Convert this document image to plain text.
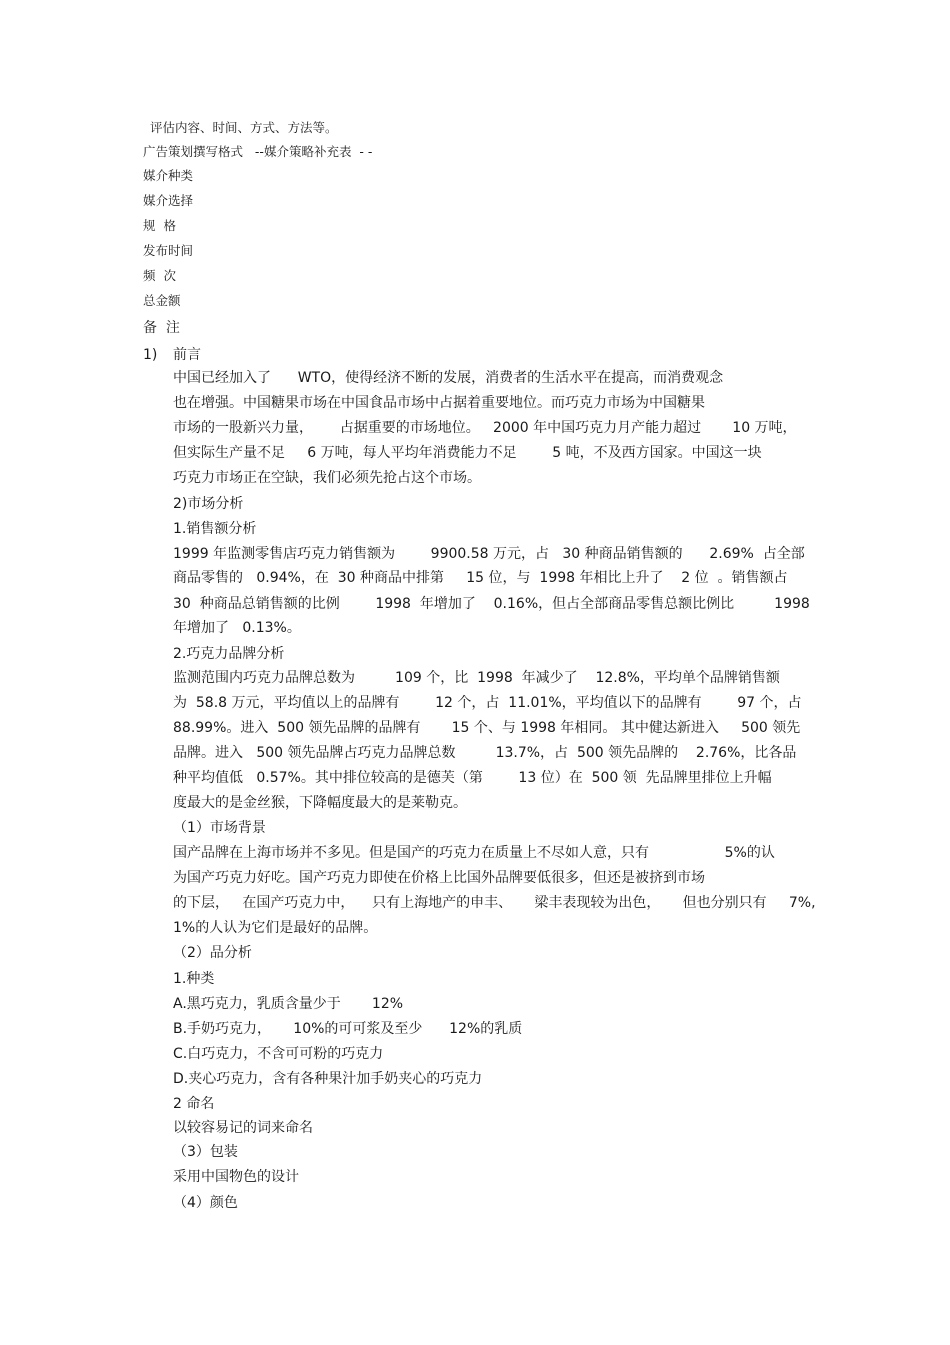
评估内容、时间、方式、方法等。
广告策划撰写格式   --媒介策略补充表  - -
媒介种类
媒介选择
规  格
发布时间
频  次
总金额
备  注
1) 前言
中国已经加入了      WTO，使得经济不断的发展，消费者的生活水平在提高，而消费观念
也在增强。中国糖果市场在中国食品市场中占据着重要地位。而巧克力市场为中国糖果
市场的一股新兴力量，      占据重要的市场地位。   2000 年中国巧克力月产能力超过       10 万吨，
但实际生产量不足     6 万吨，每人平均年消费能力不足        5 吨，不及西方国家。中国这一块
巧克力市场正在空缺，我们必须先抢占这个市场。
2)市场分析
1.销售额分析
1999 年监测零售店巧克力销售额为        9900.58 万元，占   30 种商品销售额的      2.69%  占全部
商品零售的   0.94%，在  30 种商品中排第     15 位，与  1998 年相比上升了    2 位  。销售额占
30  种商品总销售额的比例        1998  年增加了    0.16%，但占全部商品零售总额比例比         1998
年增加了   0.13%。
2.巧克力品牌分析
监测范围内巧克力品牌总数为         109 个，比  1998  年减少了    12.8%，平均单个品牌销售额
为  58.8 万元，平均值以上的品牌有        12 个，占  11.01%，平均值以下的品牌有        97 个，占
88.99%。进入  500 领先品牌的品牌有       15 个、与 1998 年相同。 其中健达新进入     500 领先
品牌。进入   500 领先品牌占巧克力品牌总数         13.7%，占  500 领先品牌的    2.76%，比各品
种平均值低   0.57%。其中排位较高的是德芙（第        13 位）在  500 领  先品牌里排位上升幅
度最大的是金丝猴，下降幅度最大的是莱勒克。
（1）市场背景
国产品牌在上海市场并不多见。但是国产的巧克力在质量上不尽如人意，只有                 5%的认
为国产巧克力好吃。国产巧克力即使在价格上比国外品牌要低很多，但还是被挤到市场
的下层，   在国产巧克力中，    只有上海地产的申丰、     梁丰表现较为出色，     但也分别只有     7%,
1%的人认为它们是最好的品牌。
（2）品分析
1.种类
A.黑巧克力，乳质含量少于       12%
B.手奶巧克力，     10%的可可浆及至少      12%的乳质
C.白巧克力，不含可可粉的巧克力
D.夹心巧克力，含有各种果汁加手奶夹心的巧克力
2 命名
以较容易记的词来命名
（3）包装
采用中国物色的设计
（4）颜色
